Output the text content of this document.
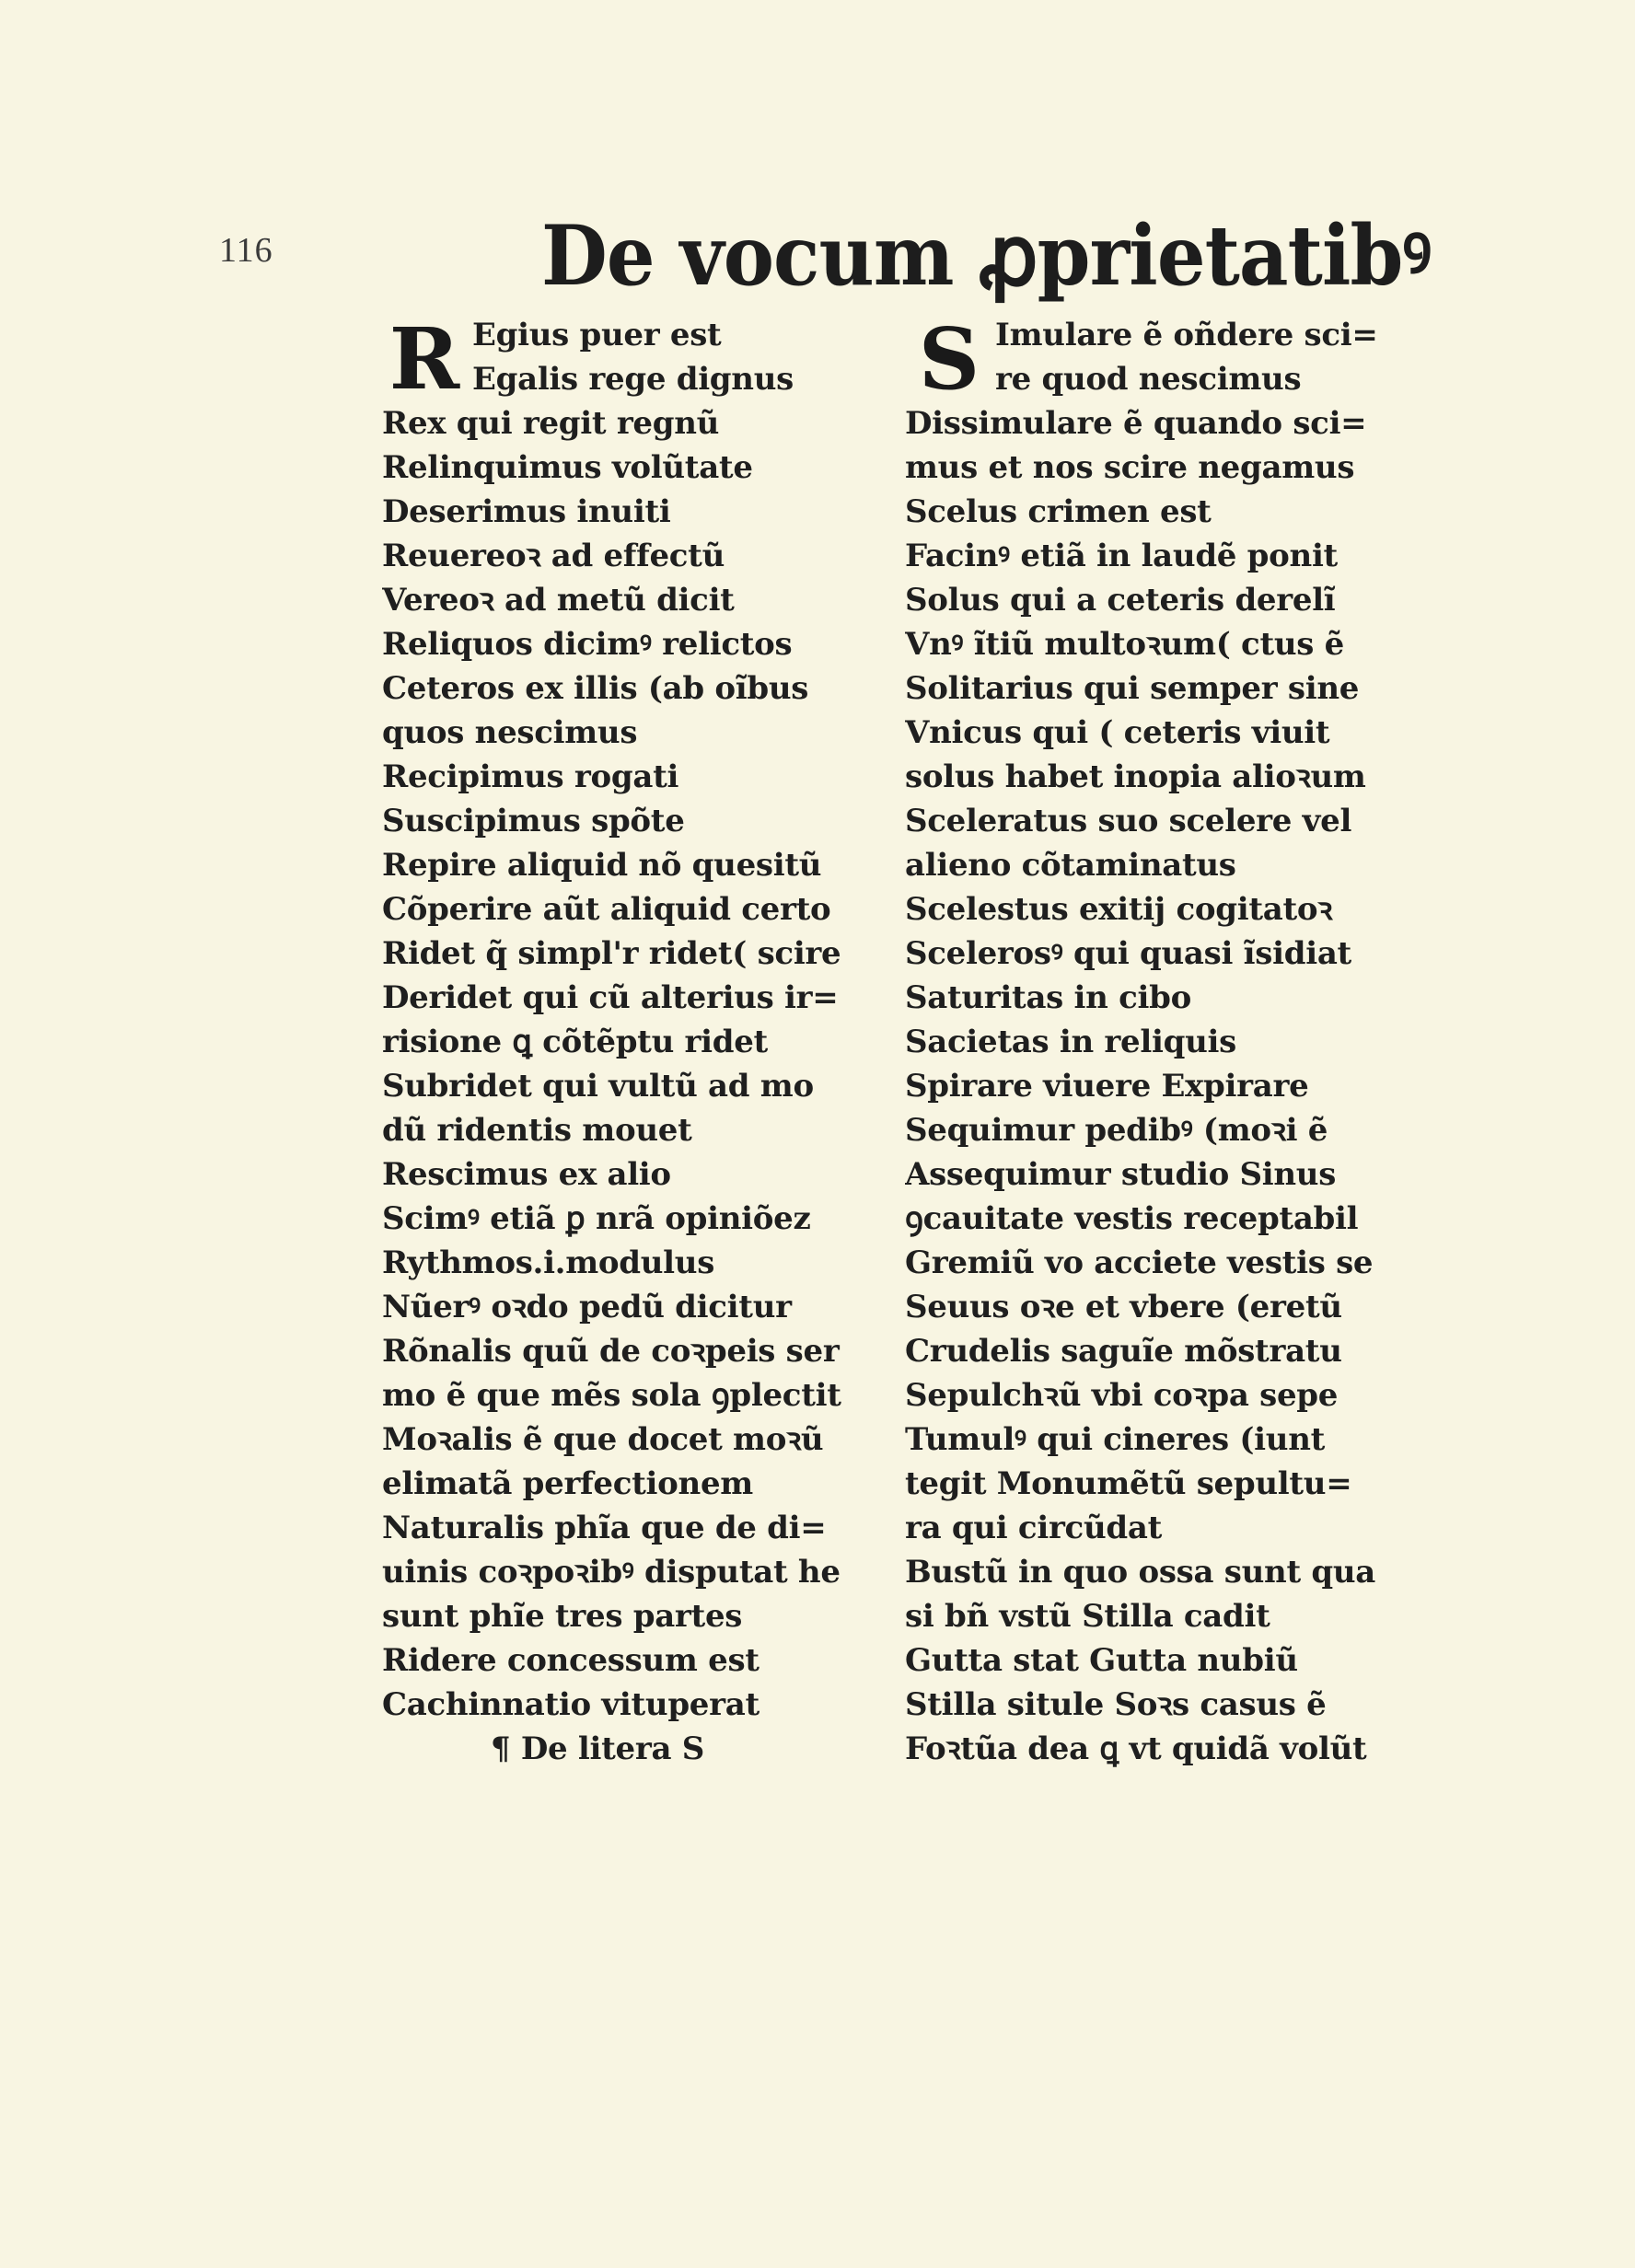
116	De vocum ꝓprietatibꝰ
R Egius puer est
Egalis rege dignus
Rex qui regit regnũ
Relinquimus volũtate
Deserimus inuiti
Reuereoꝛ ad effectũ
Vereoꝛ ad metũ dicit
Reliquos dicimꝰ relictos
Ceteros ex illis (ab oĩbus
quos nescimus
Recipimus rogati
Suscipimus spõte
Repire aliquid nõ quesitũ
Cõperire aũt aliquid certo
Ridet q̃ simpl'r ridet( scire
Deridet qui cũ alterius ir=
risione ꝗ cõtẽptu ridet
Subridet qui vultũ ad mo
dũ ridentis mouet
Rescimus ex alio
Scimꝰ etiã ꝑ nrã opiniõez
Rythmos.i.modulus
Nũerꝰ oꝛdo pedũ dicitur
Rõnalis quũ de coꝛpeis ser
mo ẽ que mẽs sola ꝯplectit
Moꝛalis ẽ que docet moꝛũ
elimatã perfectionem
Naturalis phĩa que de di=
uinis coꝛpoꝛibꝰ disputat he
sunt phĩe tres partes
Ridere concessum est
Cachinnatio vituperat
¶ De litera S
S Imulare ẽ oñdere sci=
re quod nescimus
Dissimulare ẽ quando sci=
mus et nos scire negamus
Scelus crimen est
Facinꝰ etiã in laudẽ ponit
Solus qui a ceteris derelĩ
Vnꝰ ĩtiũ multoꝛum( ctus ẽ
Solitarius qui semper sine
Vnicus qui ( ceteris viuit
solus habet inopia alioꝛum
Sceleratus suo scelere vel
alieno cõtaminatus
Scelestus exitij cogitatoꝛ
Scelerosꝰ qui quasi ĩsidiat
Saturitas in cibo
Sacietas in reliquis
Spirare viuere Expirare
Sequimur pedibꝰ (moꝛi ẽ
Assequimur studio Sinus
ꝯcauitate vestis receptabil
Gremiũ vo acciete vestis se
Seuus oꝛe et vbere (eretũ
Crudelis saguĩe mõstratu
Sepulchꝛũ vbi coꝛpa sepe
Tumulꝰ qui cineres (iunt
tegit Monumẽtũ sepultu=
ra qui circũdat
Bustũ in quo ossa sunt qua
si bñ vstũ Stilla cadit
Gutta stat Gutta nubiũ
Stilla situle Soꝛs casus ẽ
Foꝛtũa dea ꝗ vt quidã volũt
